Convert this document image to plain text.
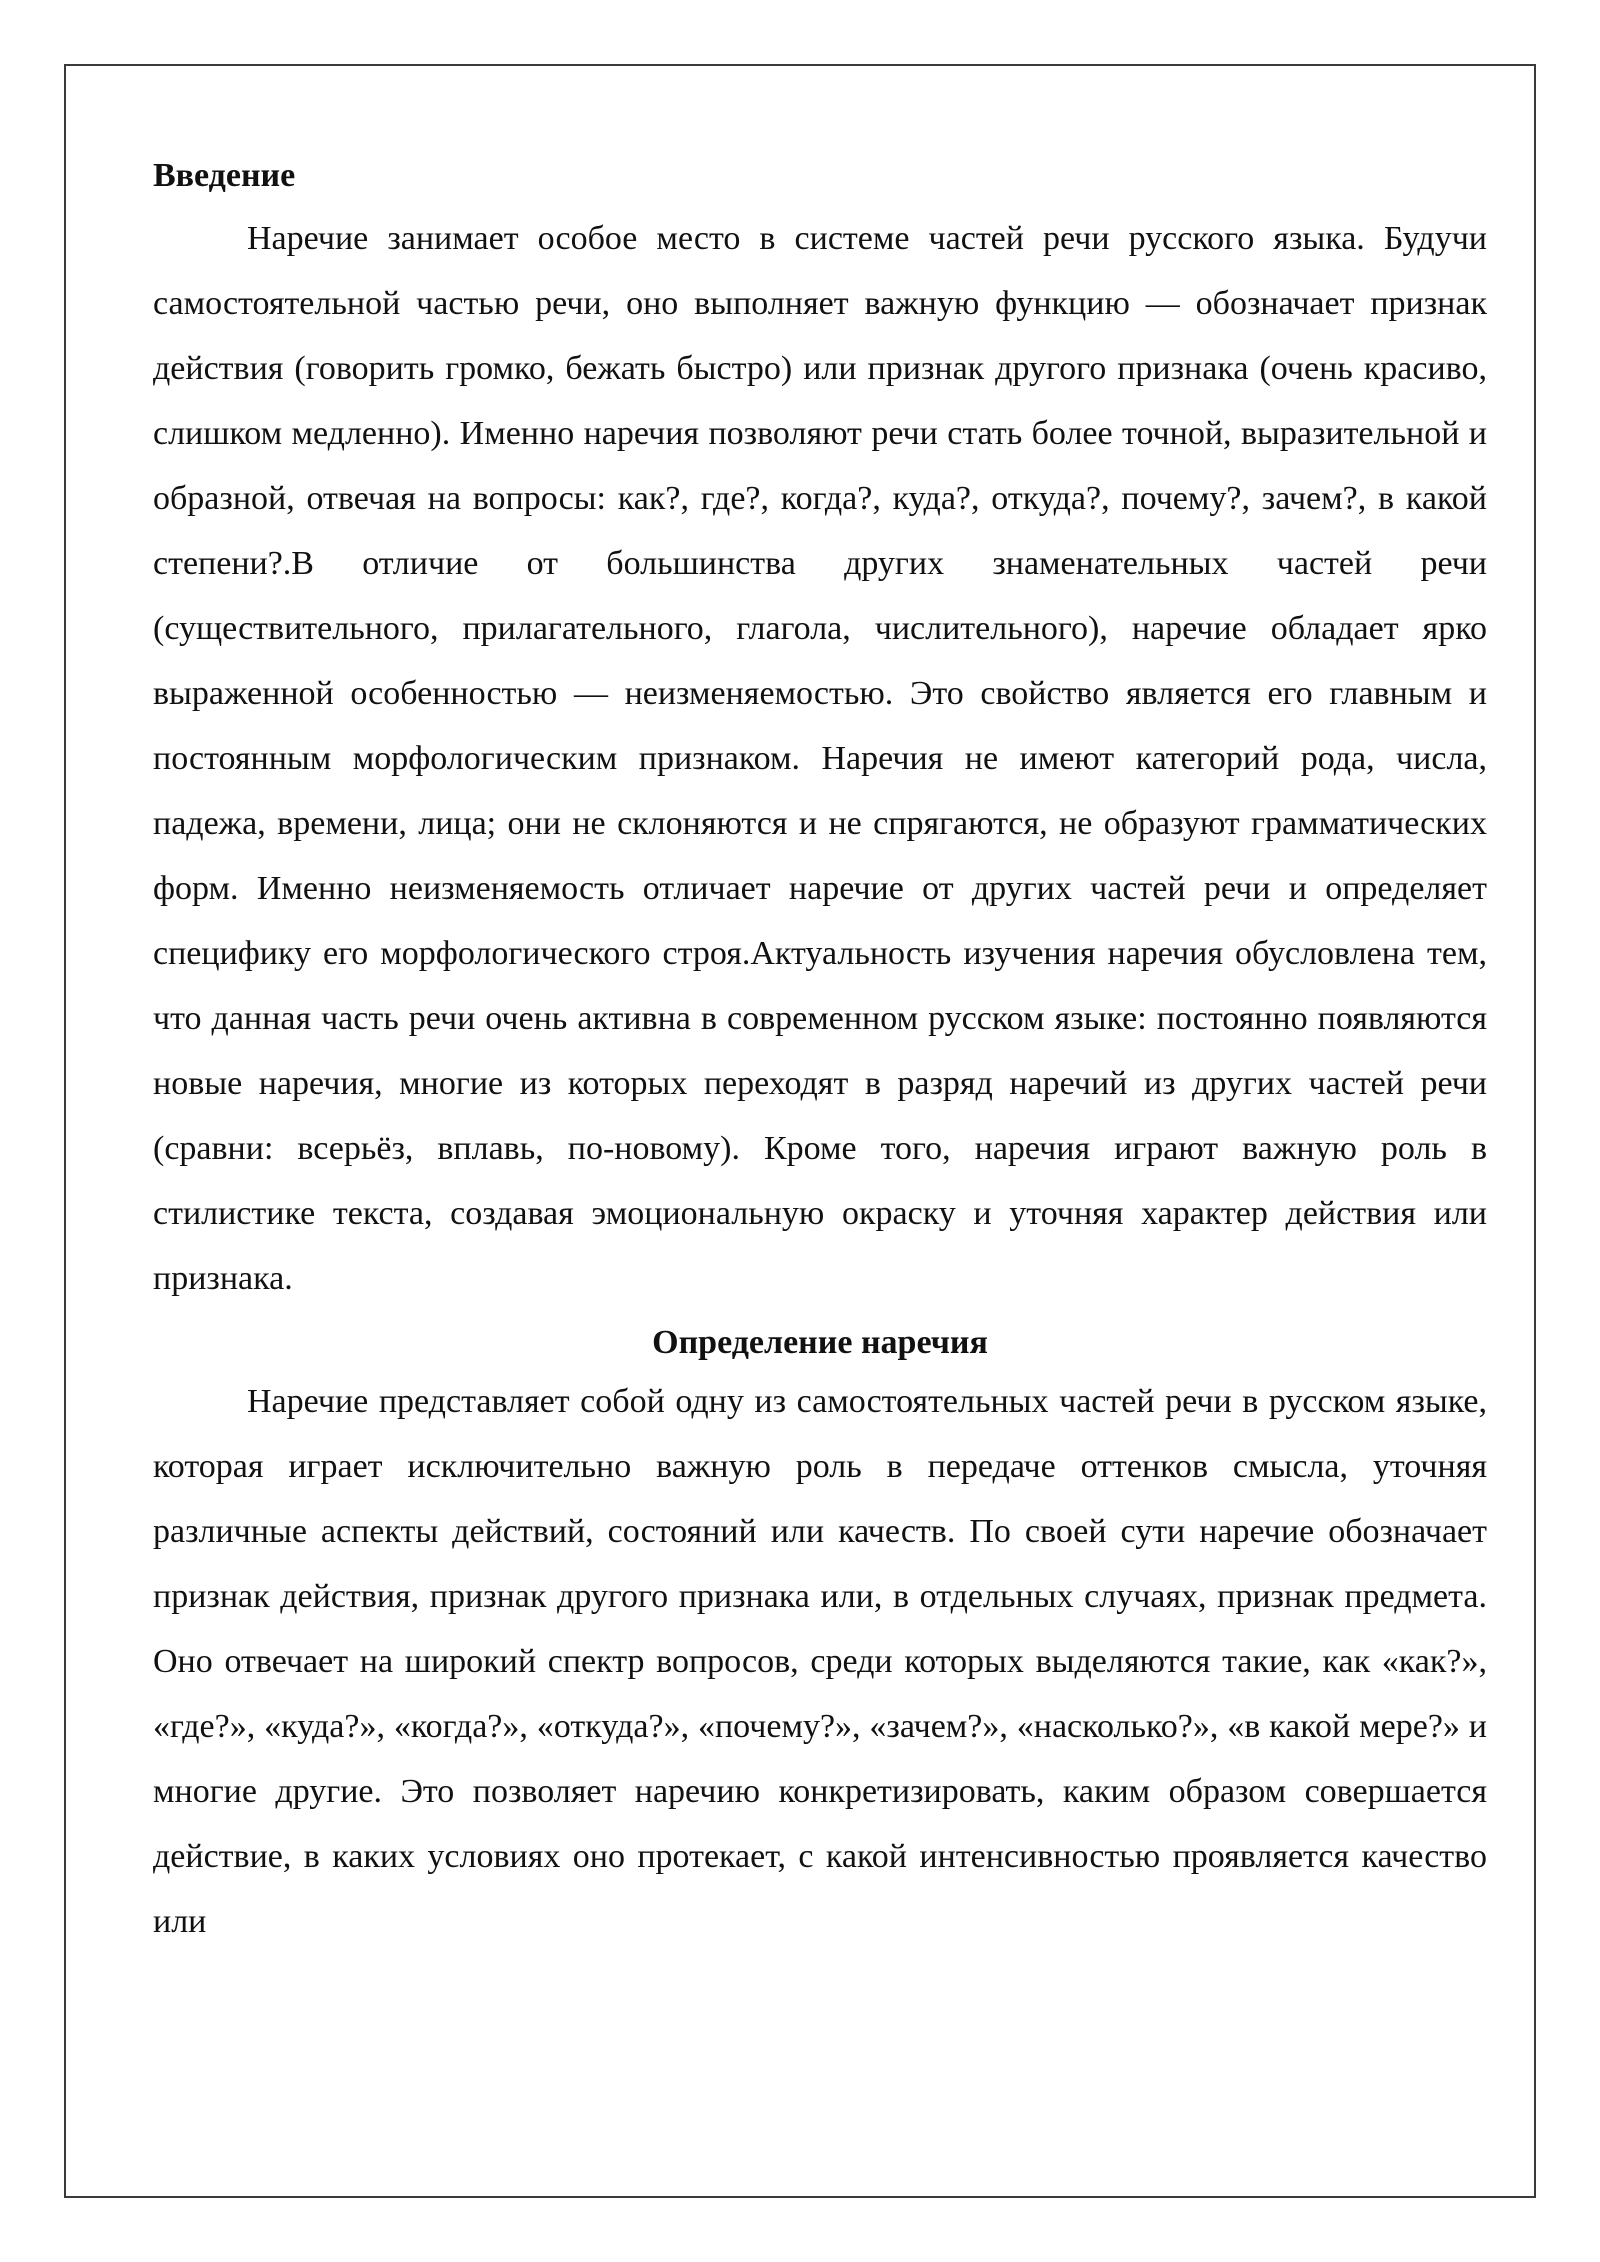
Введение

Наречие занимает особое место в системе частей речи русского языка. Будучи самостоятельной частью речи, оно выполняет важную функцию — обозначает признак действия (говорить громко, бежать быстро) или признак другого признака (очень красиво, слишком медленно). Именно наречия позволяют речи стать более точной, выразительной и образной, отвечая на вопросы: как?, где?, когда?, куда?, откуда?, почему?, зачем?, в какой степени?.В отличие от большинства других знаменательных частей речи (существительного, прилагательного, глагола, числительного), наречие обладает ярко выраженной особенностью — неизменяемостью. Это свойство является его главным и постоянным морфологическим признаком. Наречия не имеют категорий рода, числа, падежа, времени, лица; они не склоняются и не спрягаются, не образуют грамматических форм. Именно неизменяемость отличает наречие от других частей речи и определяет специфику его морфологического строя.Актуальность изучения наречия обусловлена тем, что данная часть речи очень активна в современном русском языке: постоянно появляются новые наречия, многие из которых переходят в разряд наречий из других частей речи (сравни: всерьёз, вплавь, по-новому). Кроме того, наречия играют важную роль в стилистике текста, создавая эмоциональную окраску и уточняя характер действия или признака.

Определение наречия

Наречие представляет собой одну из самостоятельных частей речи в русском языке, которая играет исключительно важную роль в передаче оттенков смысла, уточняя различные аспекты действий, состояний или качеств. По своей сути наречие обозначает признак действия, признак другого признака или, в отдельных случаях, признак предмета. Оно отвечает на широкий спектр вопросов, среди которых выделяются такие, как «как?», «где?», «куда?», «когда?», «откуда?», «почему?», «зачем?», «насколько?», «в какой мере?» и многие другие. Это позволяет наречию конкретизировать, каким образом совершается действие, в каких условиях оно протекает, с какой интенсивностью проявляется качество или
